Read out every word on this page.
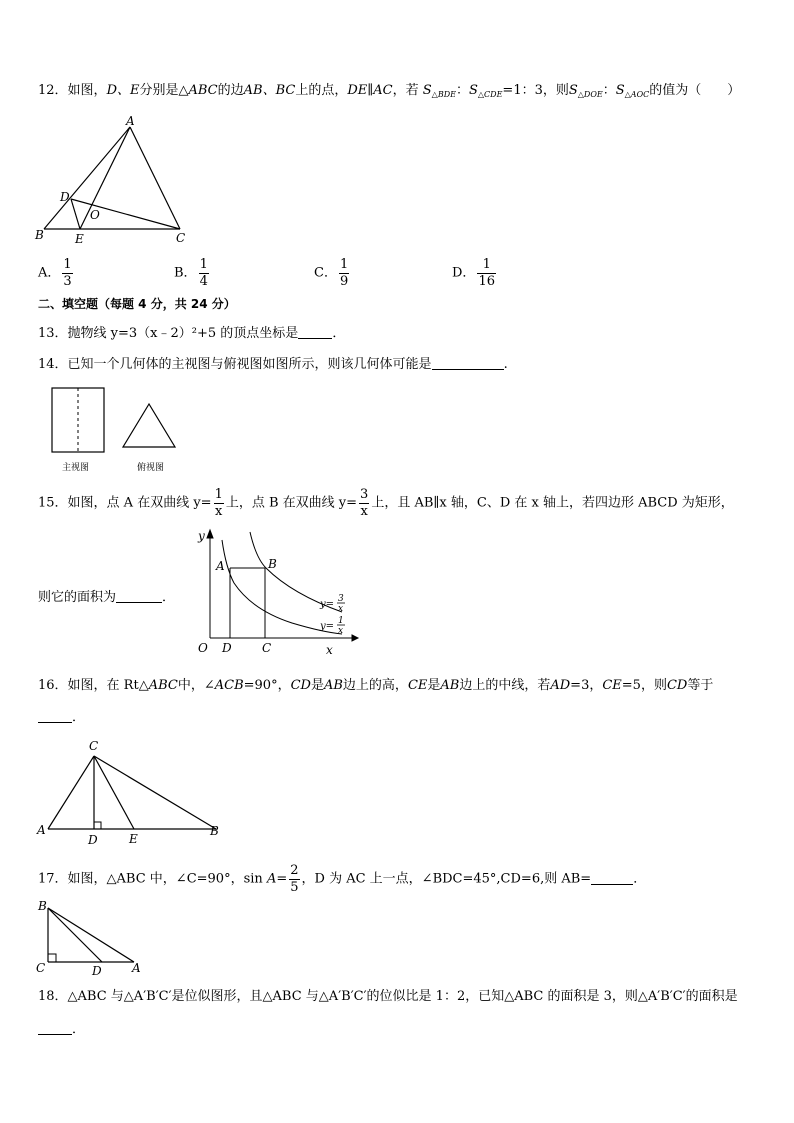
12．如图，D、E分别是△ABC的边AB、BC上的点，DE∥AC，若 $S_{\triangle BDE}$：$S_{\triangle CDE}=1$：3，则$S_{\triangle DOE}$：$S_{\triangle AOC}$的值为（　　）
A
B	C
D
E
O
A． $\frac{1}{3}$	B． $\frac{1}{4}$	C． $\frac{1}{9}$	D． $\frac{1}{16}$
二、填空题（每题 4 分，共 24 分）
13．抛物线 y=3（x﹣2）²+5 的顶点坐标是	．
14．已知一个几何体的主视图与俯视图如图所示，则该几何体可能是	.
主视图	俯视图
15．如图，点 A 在双曲线 $y= \frac{1}{x}$ 上，点 B 在双曲线 $y= \frac{3}{x}$ 上，且 AB∥x 轴，C、D 在 x 轴上，若四边形 ABCD 为矩形，
则它的面积为	．
y
x
O D	C
A	B
y= 3
x
y= 1
x
16．如图，在 Rt△ABC中，∠ACB=90°，CD是AB边上的高，CE是AB边上的中线，若AD=3，CE=5，则CD等于
．
C
A	B
D	E
17．如图，△ABC 中，∠C=90°，$\sin A= \frac{2}{5}$ ，D 为 AC 上一点，∠BDC=45°,CD=6,则 AB=	．
B
C	D	A
18．△ABC 与△A′B′C′是位似图形，且△ABC 与△A′B′C′的位似比是 1：2，已知△ABC 的面积是 3，则△A′B′C′的面积是
．
